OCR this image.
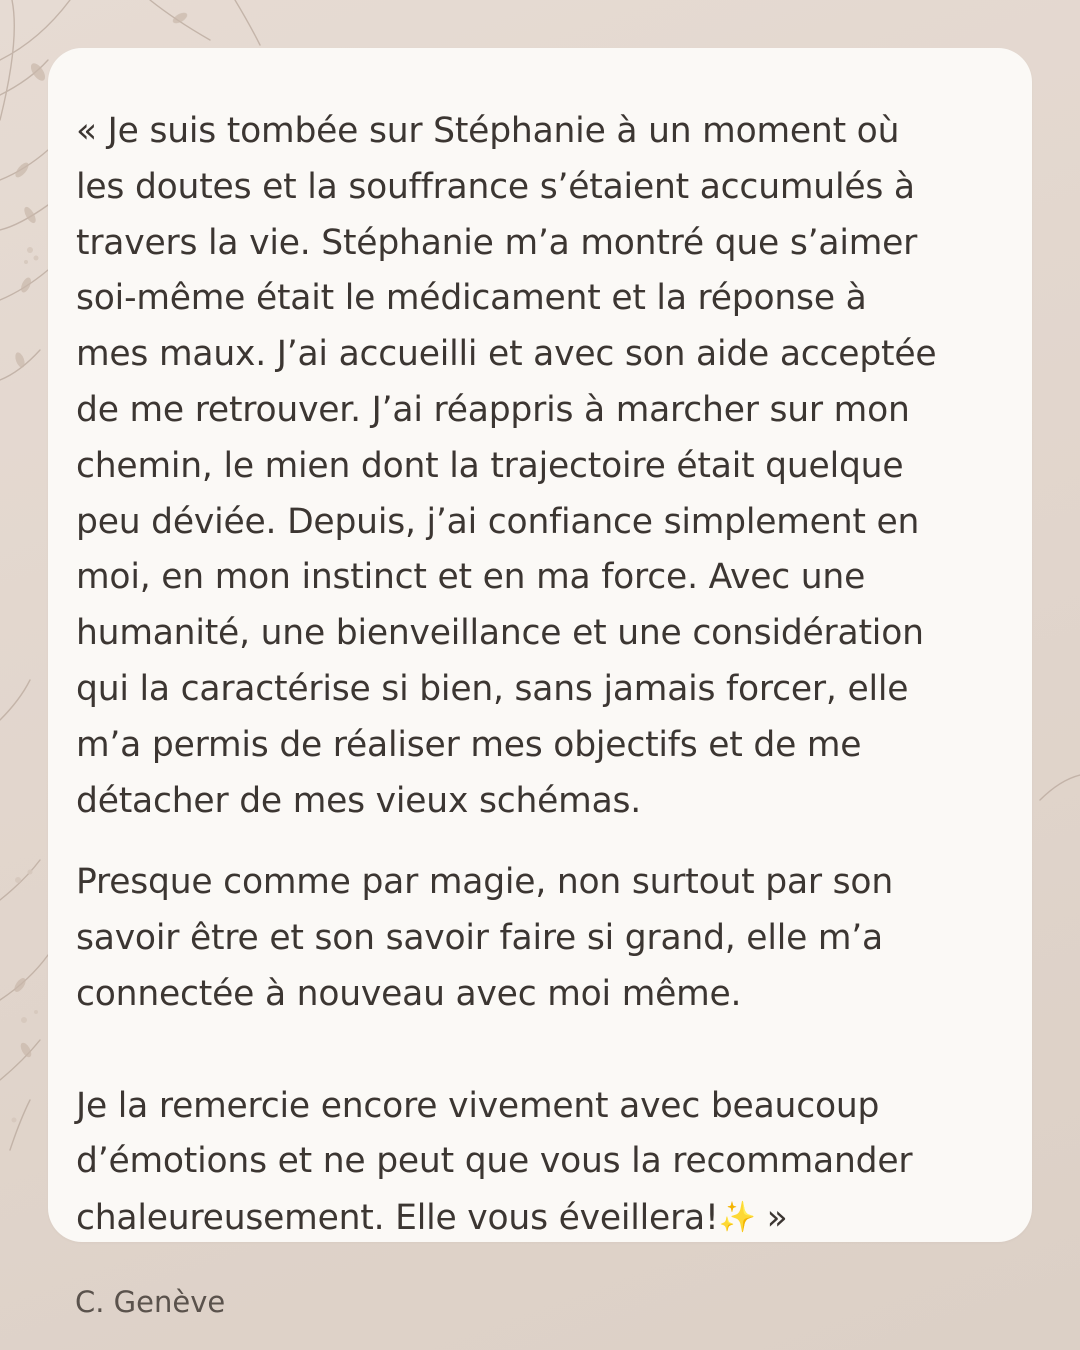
« Je suis tombée sur Stéphanie à un moment où
les doutes et la souffrance s’étaient accumulés à
travers la vie. Stéphanie m’a montré que s’aimer
soi-même était le médicament et la réponse à
mes maux. J’ai accueilli et avec son aide acceptée
de me retrouver. J’ai réappris à marcher sur mon
chemin, le mien dont la trajectoire était quelque
peu déviée. Depuis, j’ai confiance simplement en
moi, en mon instinct et en ma force. Avec une
humanité, une bienveillance et une considération
qui la caractérise si bien, sans jamais forcer, elle
m’a permis de réaliser mes objectifs et de me
détacher de mes vieux schémas.

Presque comme par magie, non surtout par son
savoir être et son savoir faire si grand, elle m’a
connectée à nouveau avec moi même.

Je la remercie encore vivement avec beaucoup
d’émotions et ne peut que vous la recommander
chaleureusement. Elle vous éveillera!✨ »

C. Genève
